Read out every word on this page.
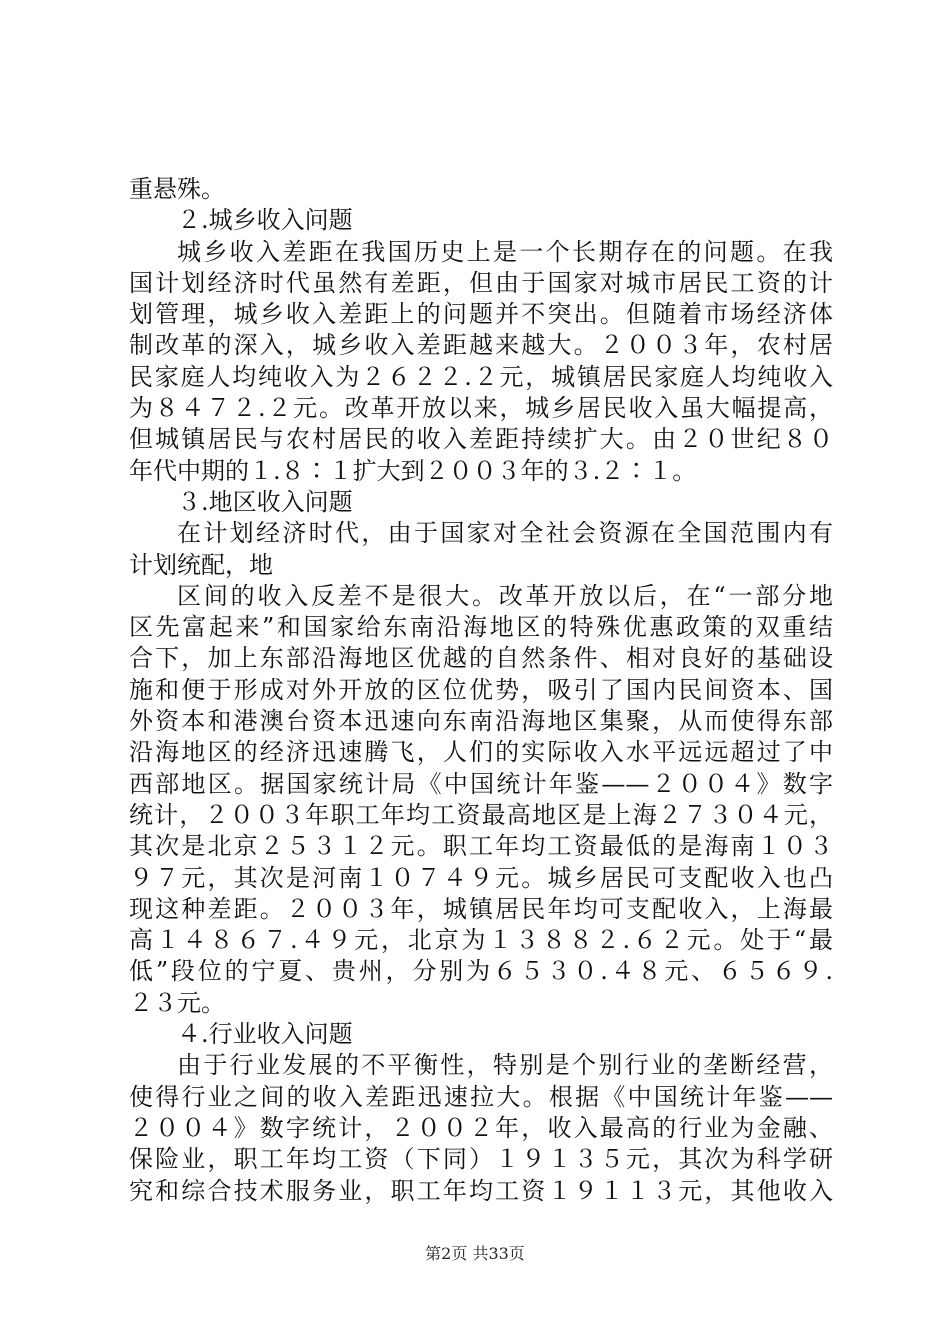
重悬殊。
２.城乡收入问题
城乡收入差距在我国历史上是一个长期存在的问题。在我
国计划经济时代虽然有差距，但由于国家对城市居民工资的计
划管理，城乡收入差距上的问题并不突出。但随着市场经济体
制改革的深入，城乡收入差距越来越大。２００３年，农村居
民家庭人均纯收入为２６２２.２元，城镇居民家庭人均纯收入
为８４７２.２元。改革开放以来，城乡居民收入虽大幅提高，
但城镇居民与农村居民的收入差距持续扩大。由２０世纪８０
年代中期的１.８∶１扩大到２００３年的３.２∶１。
３.地区收入问题
在计划经济时代，由于国家对全社会资源在全国范围内有
计划统配，地
区间的收入反差不是很大。改革开放以后，在“一部分地
区先富起来”和国家给东南沿海地区的特殊优惠政策的双重结
合下，加上东部沿海地区优越的自然条件、相对良好的基础设
施和便于形成对外开放的区位优势，吸引了国内民间资本、国
外资本和港澳台资本迅速向东南沿海地区集聚，从而使得东部
沿海地区的经济迅速腾飞，人们的实际收入水平远远超过了中
西部地区。据国家统计局《中国统计年鉴——２００４》数字
统计，２００３年职工年均工资最高地区是上海２７３０４元，
其次是北京２５３１２元。职工年均工资最低的是海南１０３
９７元，其次是河南１０７４９元。城乡居民可支配收入也凸
现这种差距。２００３年，城镇居民年均可支配收入，上海最
高１４８６７.４９元，北京为１３８８２.６２元。处于“最
低”段位的宁夏、贵州，分别为６５３０.４８元、６５６９.
２３元。
４.行业收入问题
由于行业发展的不平衡性，特别是个别行业的垄断经营，
使得行业之间的收入差距迅速拉大。根据《中国统计年鉴——
２００４》数字统计，２００２年，收入最高的行业为金融、
保险业，职工年均工资（下同）１９１３５元，其次为科学研
究和综合技术服务业，职工年均工资１９１１３元，其他收入
第2页 共33页
